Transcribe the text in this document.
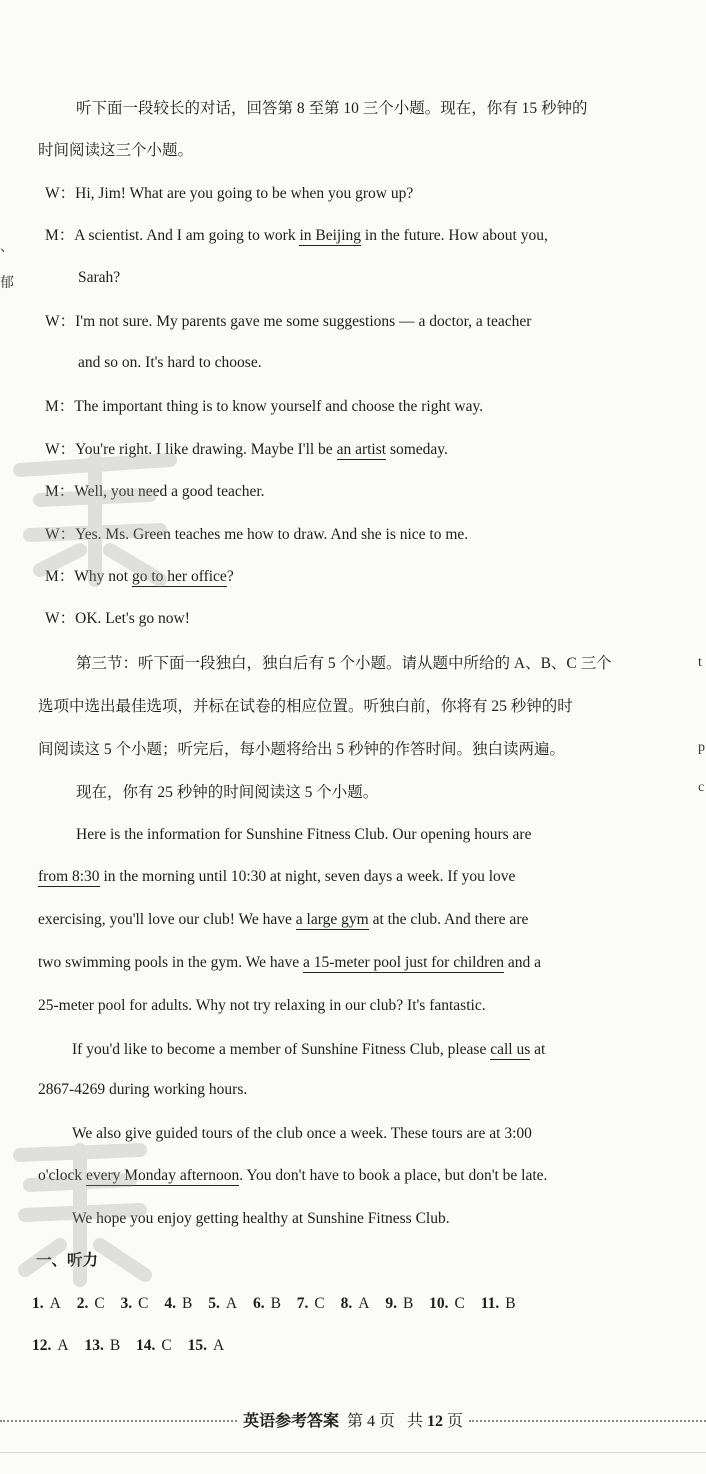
听下面一段较长的对话，回答第 8 至第 10 三个小题。现在，你有 15 秒钟的
时间阅读这三个小题。
W：Hi, Jim! What are you going to be when you grow up?
M：A scientist. And I am going to work in Beijing in the future. How about you,
Sarah?
W：I'm not sure. My parents gave me some suggestions — a doctor, a teacher
and so on. It's hard to choose.
M：The important thing is to know yourself and choose the right way.
W：You're right. I like drawing. Maybe I'll be an artist someday.
M：Well, you need a good teacher.
W：Yes. Ms. Green teaches me how to draw. And she is nice to me.
M：Why not go to her office?
W：OK. Let's go now!
第三节：听下面一段独白，独白后有 5 个小题。请从题中所给的 A、B、C 三个
选项中选出最佳选项，并标在试卷的相应位置。听独白前，你将有 25 秒钟的时
间阅读这 5 个小题；听完后，每小题将给出 5 秒钟的作答时间。独白读两遍。
现在，你有 25 秒钟的时间阅读这 5 个小题。
Here is the information for Sunshine Fitness Club. Our opening hours are
from 8:30 in the morning until 10:30 at night, seven days a week. If you love
exercising, you'll love our club! We have a large gym at the club. And there are
two swimming pools in the gym. We have a 15-meter pool just for children and a
25-meter pool for adults. Why not try relaxing in our club? It's fantastic.
If you'd like to become a member of Sunshine Fitness Club, please call us at
2867-4269 during working hours.
We also give guided tours of the club once a week. These tours are at 3:00
o'clock every Monday afternoon. You don't have to book a place, but don't be late.
We hope you enjoy getting healthy at Sunshine Fitness Club.
一、听力
1. A 2. C 3. C 4. B 5. A 6. B 7. C 8. A 9. B 10. C 11. B
12. A 13. B 14. C 15. A
英语参考答案 第 4 页 共 12 页
、
郁
t
p
c
